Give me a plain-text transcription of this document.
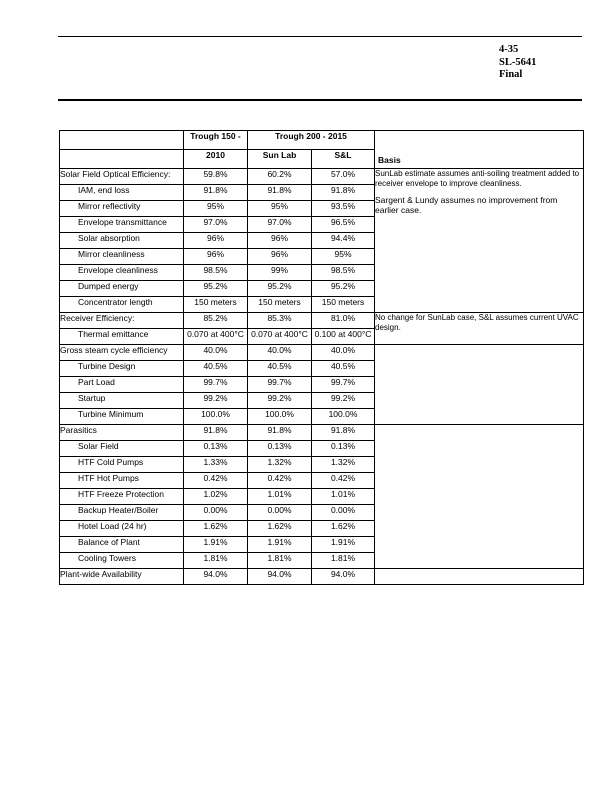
4-35
SL-5641
Final
	Trough 150 -	Trough 200 - 2015		Basis
	2010	Sun Lab	S&L	
Solar Field Optical Efficiency:	59.8%	60.2%	57.0%	SunLab estimate assumes anti-soiling treatment added to receiver envelope to improve cleanliness.
Sargent & Lundy assumes no improvement from earlier case.

IAM, end loss	91.8%	91.8%	91.8%	
Mirror reflectivity	95%	95%	93.5%	
Envelope transmittance	97.0%	97.0%	96.5%	
Solar absorption	96%	96%	94.4%	
Mirror cleanliness	96%	96%	95%	
Envelope cleanliness	98.5%	99%	98.5%	
Dumped energy	95.2%	95.2%	95.2%	
Concentrator length	150 meters	150 meters	150 meters	
Receiver Efficiency:	85.2%	85.3%	81.0%	No change for SunLab case, S&L assumes current UVAC design.

Thermal emittance	0.070 at 400°C	0.070 at 400°C	0.100 at 400°C	
Gross steam cycle efficiency	40.0%	40.0%	40.0%	
Turbine Design	40.5%	40.5%	40.5%	
Part Load	99.7%	99.7%	99.7%	
Startup	99.2%	99.2%	99.2%	
Turbine Minimum	100.0%	100.0%	100.0%	
Parasitics	91.8%	91.8%	91.8%	
Solar Field	0.13%	0.13%	0.13%	
HTF Cold Pumps	1.33%	1.32%	1.32%	
HTF Hot Pumps	0.42%	0.42%	0.42%	
HTF Freeze Protection	1.02%	1.01%	1.01%	
Backup Heater/Boiler	0.00%	0.00%	0.00%	
Hotel Load (24 hr)	1.62%	1.62%	1.62%	
Balance of Plant	1.91%	1.91%	1.91%	
Cooling Towers	1.81%	1.81%	1.81%	
Plant-wide Availability	94.0%	94.0%	94.0%	
